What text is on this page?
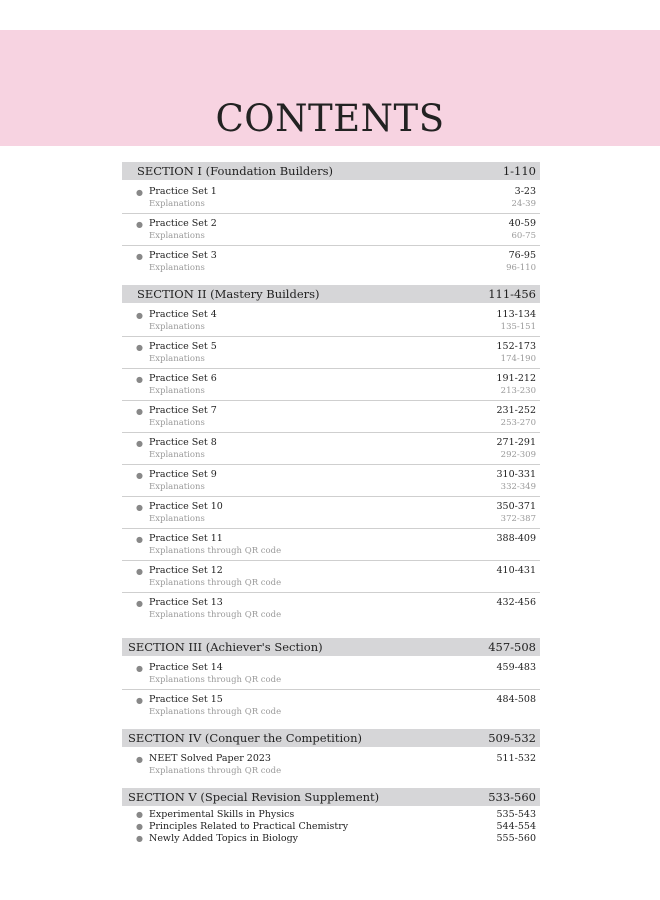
CONTENTS
SECTION I (Foundation Builders)	1-110
● Practice Set 1	3-23
Explanations	24-39
● Practice Set 2	40-59
Explanations	60-75
● Practice Set 3	76-95
Explanations	96-110
SECTION II (Mastery Builders)	111-456
● Practice Set 4	113-134
Explanations	135-151
● Practice Set 5	152-173
Explanations	174-190
● Practice Set 6	191-212
Explanations	213-230
● Practice Set 7	231-252
Explanations	253-270
● Practice Set 8	271-291
Explanations	292-309
● Practice Set 9	310-331
Explanations	332-349
● Practice Set 10	350-371
Explanations	372-387
● Practice Set 11	388-409
Explanations through QR code
● Practice Set 12	410-431
Explanations through QR code
● Practice Set 13	432-456
Explanations through QR code
SECTION III (Achiever's Section)	457-508
● Practice Set 14	459-483
Explanations through QR code
● Practice Set 15	484-508
Explanations through QR code
SECTION IV (Conquer the Competition)	509-532
● NEET Solved Paper 2023	511-532
Explanations through QR code
SECTION V (Special Revision Supplement)	533-560
● Experimental Skills in Physics	535-543
● Principles Related to Practical Chemistry	544-554
● Newly Added Topics in Biology	555-560
